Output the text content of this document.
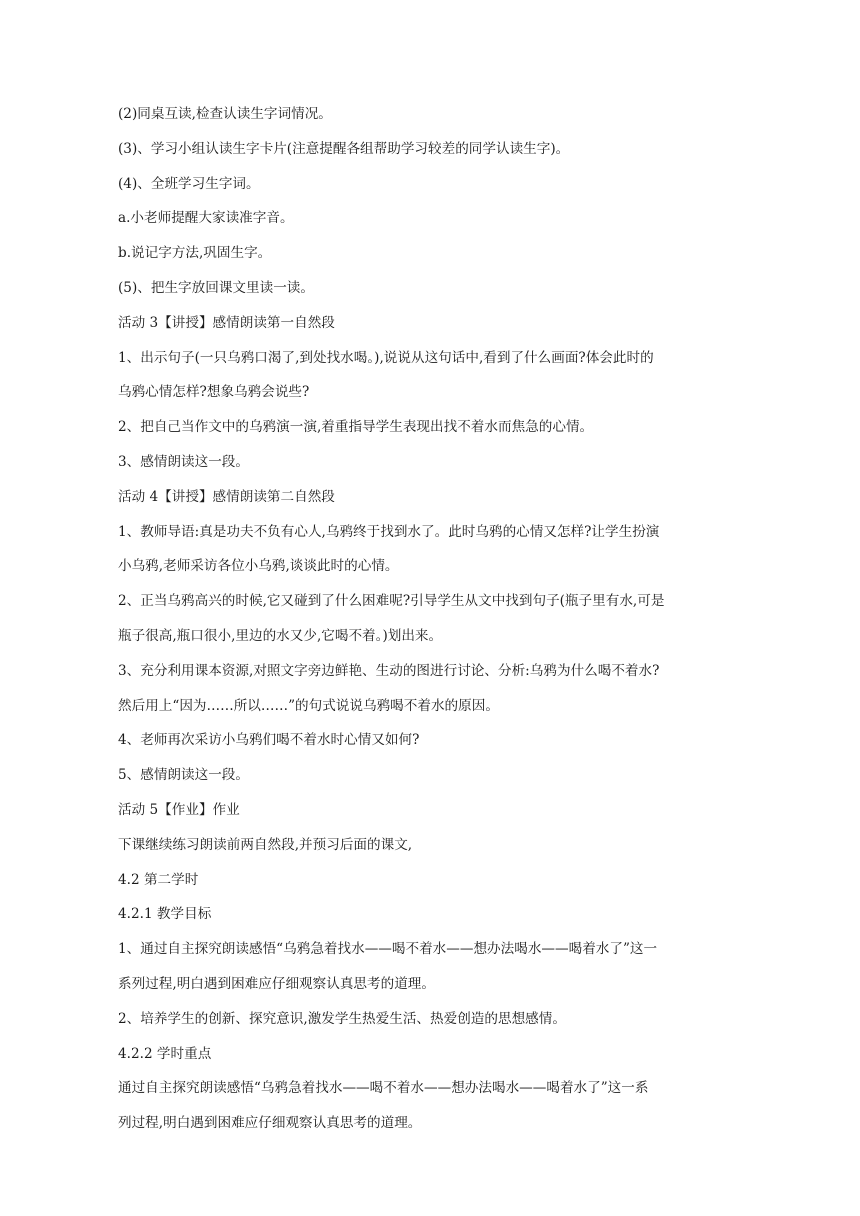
(2)同桌互读,检查认读生字词情况。

(3)、学习小组认读生字卡片(注意提醒各组帮助学习较差的同学认读生字)。

(4)、全班学习生字词。

a.小老师提醒大家读准字音。

b.说记字方法,巩固生字。

(5)、把生字放回课文里读一读。

活动 3【讲授】感情朗读第一自然段

1、出示句子(一只乌鸦口渴了,到处找水喝。),说说从这句话中,看到了什么画面?体会此时的

乌鸦心情怎样?想象乌鸦会说些?

2、把自己当作文中的乌鸦演一演,着重指导学生表现出找不着水而焦急的心情。

3、感情朗读这一段。

活动 4【讲授】感情朗读第二自然段

1、教师导语:真是功夫不负有心人,乌鸦终于找到水了。此时乌鸦的心情又怎样?让学生扮演

小乌鸦,老师采访各位小乌鸦,谈谈此时的心情。

2、正当乌鸦高兴的时候,它又碰到了什么困难呢?引导学生从文中找到句子(瓶子里有水,可是

瓶子很高,瓶口很小,里边的水又少,它喝不着。)划出来。

3、充分利用课本资源,对照文字旁边鲜艳、生动的图进行讨论、分析:乌鸦为什么喝不着水?

然后用上“因为……所以……”的句式说说乌鸦喝不着水的原因。

4、老师再次采访小乌鸦们喝不着水时心情又如何?

5、感情朗读这一段。

活动 5【作业】作业

下课继续练习朗读前两自然段,并预习后面的课文,

4.2 第二学时

4.2.1 教学目标

1、通过自主探究朗读感悟“乌鸦急着找水——喝不着水——想办法喝水——喝着水了”这一

系列过程,明白遇到困难应仔细观察认真思考的道理。

2、培养学生的创新、探究意识,激发学生热爱生活、热爱创造的思想感情。

4.2.2 学时重点

通过自主探究朗读感悟“乌鸦急着找水——喝不着水——想办法喝水——喝着水了”这一系

列过程,明白遇到困难应仔细观察认真思考的道理。
